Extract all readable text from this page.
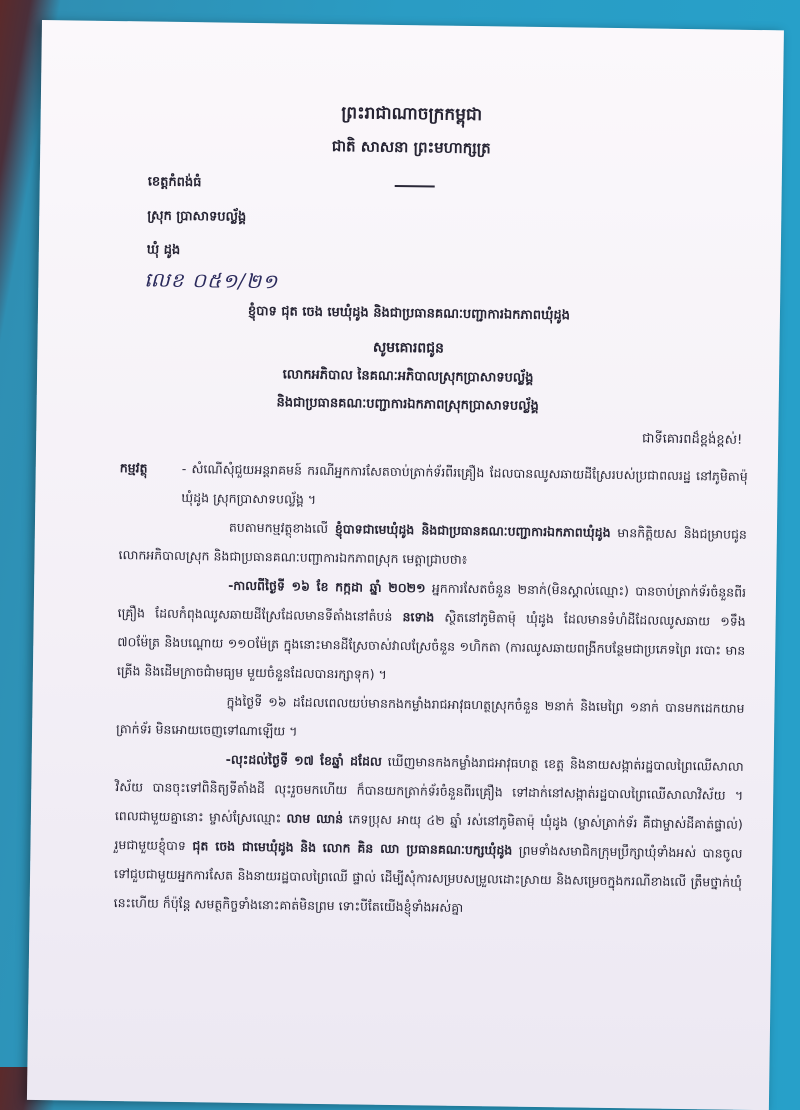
ព្រះរាជាណាចក្រកម្ពុជា
ជាតិ សាសនា ព្រះមហាក្សត្រ
ខេត្តកំពង់ធំ
ស្រុក ប្រាសាទបល្ល័ង្គ
ឃុំ ដូង
លេខ ០៥១/២១
ខ្ញុំបាទ ជុត ចេង មេឃុំដូង និងជាប្រធានគណៈបញ្ជាការឯកភាពឃុំដូង
សូមគោរពជូន
លោកអភិបាល នៃគណៈអភិបាលស្រុកប្រាសាទបល្ល័ង្គ
និងជាប្រធានគណៈបញ្ជាការឯកភាពស្រុកប្រាសាទបល្ល័ង្គ
ជាទីគោរពដ៏ខ្ពង់ខ្ពស់!
កម្មវត្ថុ	- សំណើសុំជួយអន្តរាគមន៍ ករណីអ្នកការសែតចាប់ត្រាក់ទ័រពីរគ្រឿង ដែលបានឈូសឆាយដីស្រែរបស់ប្រជាពលរដ្ឋ នៅភូមិតាម៉ុ ឃុំដូង ស្រុកប្រាសាទបល្ល័ង្គ ។

តបតាមកម្មវត្ថុខាងលើ ខ្ញុំបាទជាមេឃុំដូង និងជាប្រធានគណៈបញ្ជាការឯកភាពឃុំដូង មានកិត្តិយស និងជម្រាបជូនលោកអភិបាលស្រុក និងជាប្រធានគណៈបញ្ជាការឯកភាពស្រុក មេត្តាជ្រាបថា៖

-កាលពីថ្ងៃទី ១៦ ខែ កក្កដា ឆ្នាំ ២០២១ អ្នកការសែតចំនួន ២នាក់(មិនស្គាល់ឈ្មោះ) បានចាប់ត្រាក់ទ័រចំនួនពីរគ្រឿង ដែលកំពុងឈូសឆាយដីស្រែដែលមានទីតាំងនៅតំបន់ នទោង ស្ថិតនៅភូមិតាម៉ុ ឃុំដូង ដែលមានទំហំដីដែលឈូសឆាយ ១ទឹង ៧០ម៉ែត្រ និងបណ្តោយ ១១០ម៉ែត្រ ក្នុងនោះមានដីស្រែចាស់វាលស្រែចំនួន ១ហិកតា (ការឈូសឆាយពង្រីកបន្ថែមជាប្រភេទព្រៃ របោះ មានគ្រើង និងដើមក្រាចជំាមធ្យម មួយចំនួនដែលបានរក្សាទុក) ។

ក្នុងថ្ងៃទី ១៦ ដដែលពេលយប់មានកងកម្លាំងរាជអាវុធហត្ថស្រុកចំនួន ២នាក់ និងមេព្រៃ ១នាក់ បានមកដេកយាមត្រាក់ទ័រ មិនអោយចេញទៅណាឡើយ ។

-លុះដល់ថ្ងៃទី ១៧ ខែឆ្នាំ ដដែល ឃើញមានកងកម្លាំងរាជអាវុធហត្ថ ខេត្ត និងនាយសង្កាត់រដ្ឋបាលព្រៃឈើសាលាវិស័យ បានចុះទៅពិនិត្យទីតាំងដី លុះរួចមកហើយ ក៏បានយកត្រាក់ទ័រចំនួនពីរគ្រឿង ទៅដាក់នៅសង្កាត់រដ្ឋបាលព្រៃឈើសាលាវិស័យ ។ ពេលជាមួយគ្នានោះ ម្ចាស់ស្រែឈ្មោះ លាម ឈាន់ ភេទប្រុស អាយុ ៤២ ឆ្នាំ រស់នៅភូមិតាម៉ុ ឃុំដូង (ម្ចាស់ត្រាក់ទ័រ គឺជាម្ចាស់ដីគាត់ផ្ទាល់) រួមជាមួយខ្ញុំបាទ ជុត ចេង ជាមេឃុំដូង និង លោក គិន ឈា ប្រធានគណៈបក្សឃុំដូង ព្រមទាំងសមាជិកក្រុមប្រឹក្សាឃុំទាំងអស់ បានចូលទៅជួបជាមួយអ្នកការសែត និងនាយរដ្ឋបាលព្រៃឈើ ផ្ទាល់ ដើម្បីសុំការសម្របសម្រួលដោះស្រាយ និងសម្រេចក្នុងករណីខាងលើ ត្រឹមថ្នាក់ឃុំនេះហើយ ក៏ប៉ុន្តែ សមត្ថកិច្ចទាំងនោះគាត់មិនព្រម ទោះបីតែយើងខ្ញុំទាំងអស់គ្នា
